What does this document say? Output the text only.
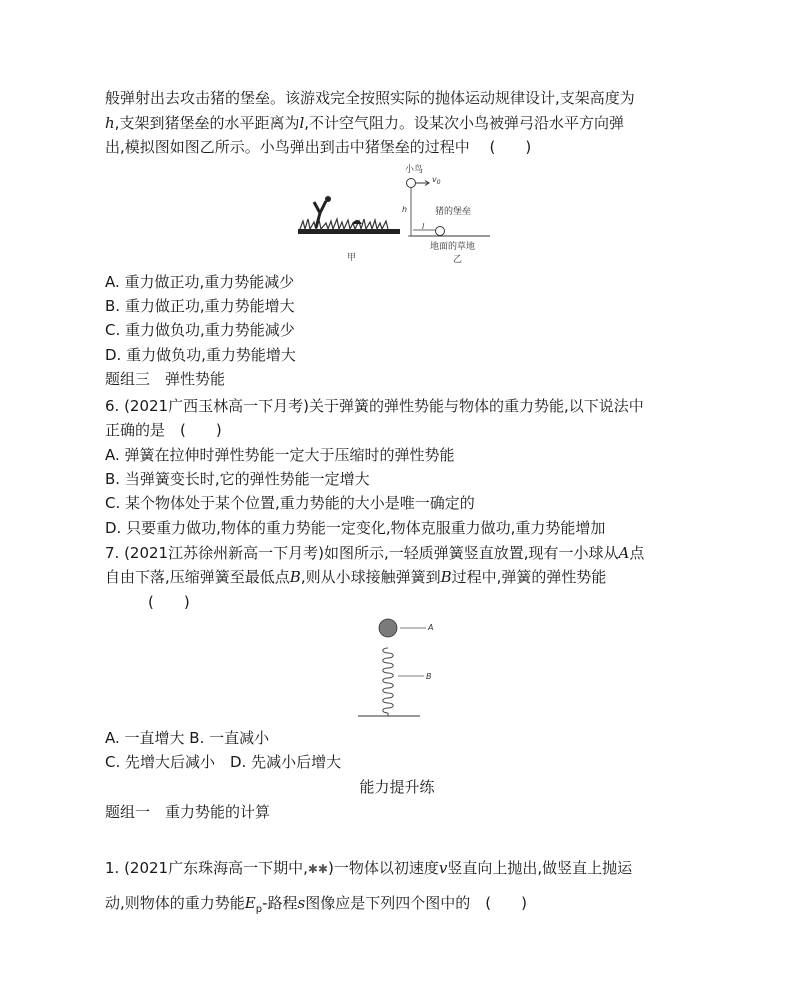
般弹射出去攻击猪的堡垒。该游戏完全按照实际的抛体运动规律设计,支架高度为
h,支架到猪堡垒的水平距离为l,不计空气阻力。设某次小鸟被弹弓沿水平方向弹
出,模拟图如图乙所示。小鸟弹出到击中猪堡垒的过程中　 (　　)
甲
小鸟
$v_0$
h	猪的堡垒
l
地面的草地
乙
A. 重力做正功,重力势能减少
B. 重力做正功,重力势能增大
C. 重力做负功,重力势能减少
D. 重力做负功,重力势能增大
题组三　弹性势能
6. (2021广西玉林高一下月考)关于弹簧的弹性势能与物体的重力势能,以下说法中
正确的是　(　　)
A. 弹簧在拉伸时弹性势能一定大于压缩时的弹性势能
B. 当弹簧变长时,它的弹性势能一定增大
C. 某个物体处于某个位置,重力势能的大小是唯一确定的
D. 只要重力做功,物体的重力势能一定变化,物体克服重力做功,重力势能增加
7. (2021江苏徐州新高一下月考)如图所示,一轻质弹簧竖直放置,现有一小球从A点
自由下落,压缩弹簧至最低点B,则从小球接触弹簧到B过程中,弹簧的弹性势能
(　　)
A
B
A. 一直增大 B. 一直减小
C. 先增大后减小　D. 先减小后增大
能力提升练
题组一　重力势能的计算
1. (2021广东珠海高一下期中,✱✱)一物体以初速度v竖直向上抛出,做竖直上抛运
动,则物体的重力势能$E_p-$路程s图像应是下列四个图中的　(　　)
